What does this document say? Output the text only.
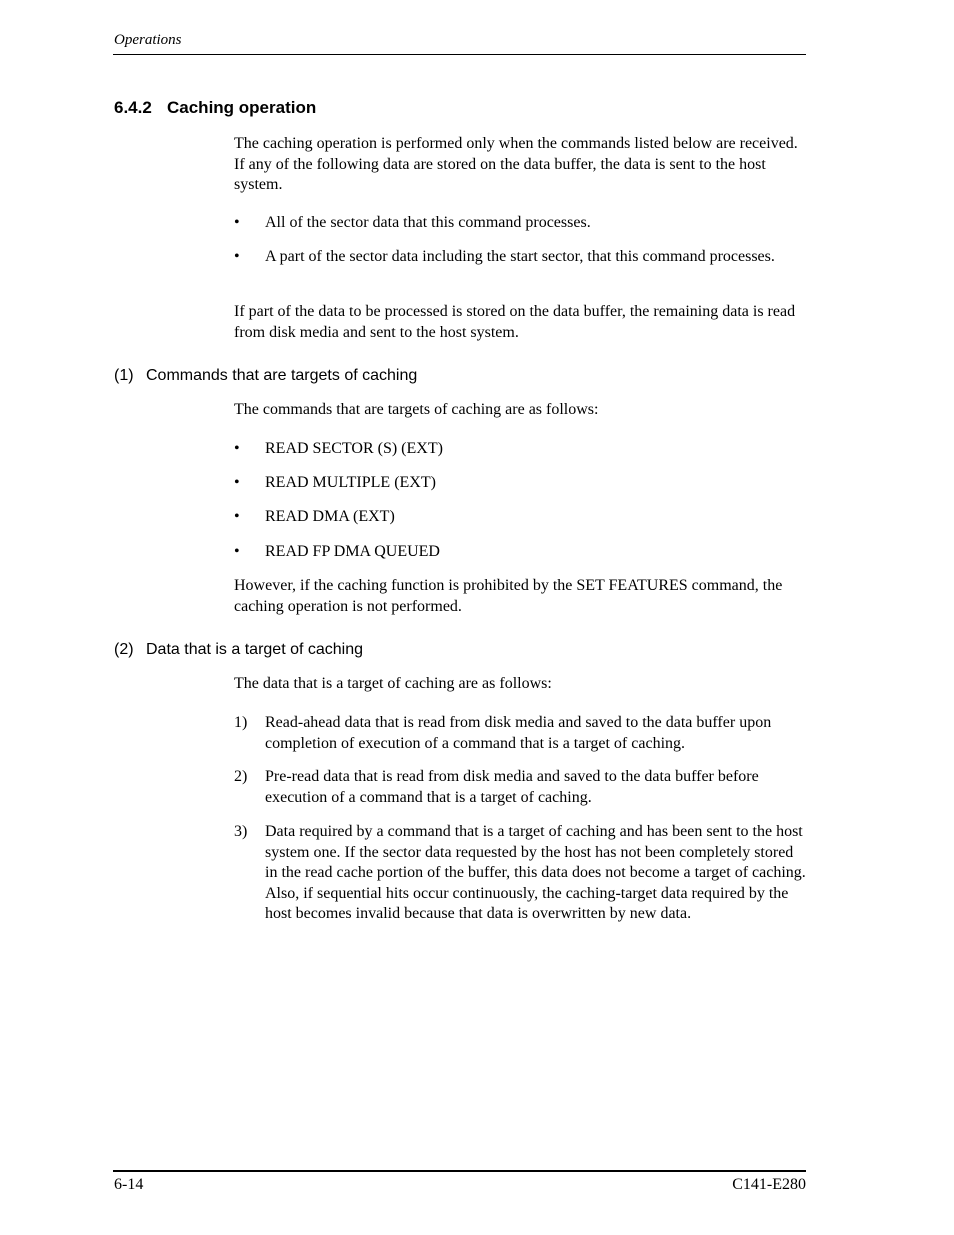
Operations
6.4.2 Caching operation
The caching operation is performed only when the commands listed below are received. If any of the following data are stored on the data buffer, the data is sent to the host system.
• All of the sector data that this command processes.
• A part of the sector data including the start sector, that this command processes.
If part of the data to be processed is stored on the data buffer, the remaining data is read from disk media and sent to the host system.
(1) Commands that are targets of caching
The commands that are targets of caching are as follows:
• READ SECTOR (S) (EXT)
• READ MULTIPLE (EXT)
• READ DMA (EXT)
• READ FP DMA QUEUED
However, if the caching function is prohibited by the SET FEATURES command, the caching operation is not performed.
(2) Data that is a target of caching
The data that is a target of caching are as follows:
1) Read-ahead data that is read from disk media and saved to the data buffer upon completion of execution of a command that is a target of caching.
2) Pre-read data that is read from disk media and saved to the data buffer before execution of a command that is a target of caching.
3) Data required by a command that is a target of caching and has been sent to the host system one. If the sector data requested by the host has not been completely stored in the read cache portion of the buffer, this data does not become a target of caching. Also, if sequential hits occur continuously, the caching-target data required by the host becomes invalid because that data is overwritten by new data.
6-14	C141-E280
